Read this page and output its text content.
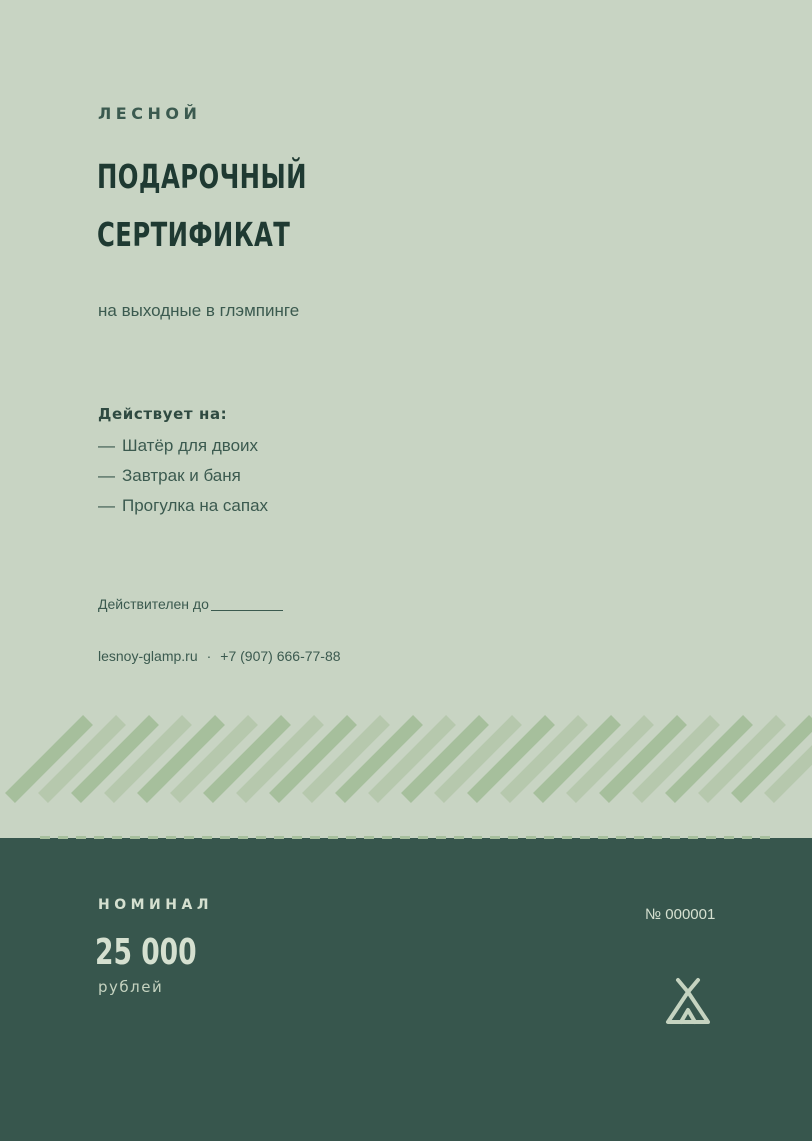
ЛЕСНОЙ
ПОДАРОЧНЫЙ
СЕРТИФИКАТ
на выходные в глэмпинге
Действует на:
— Шатёр для двоих
— Завтрак и баня
— Прогулка на сапах
Действителен до
lesnoy-glamp.ru · +7 (907) 666-77-88
НОМИНАЛ
25 000
рублей
№ 000001
